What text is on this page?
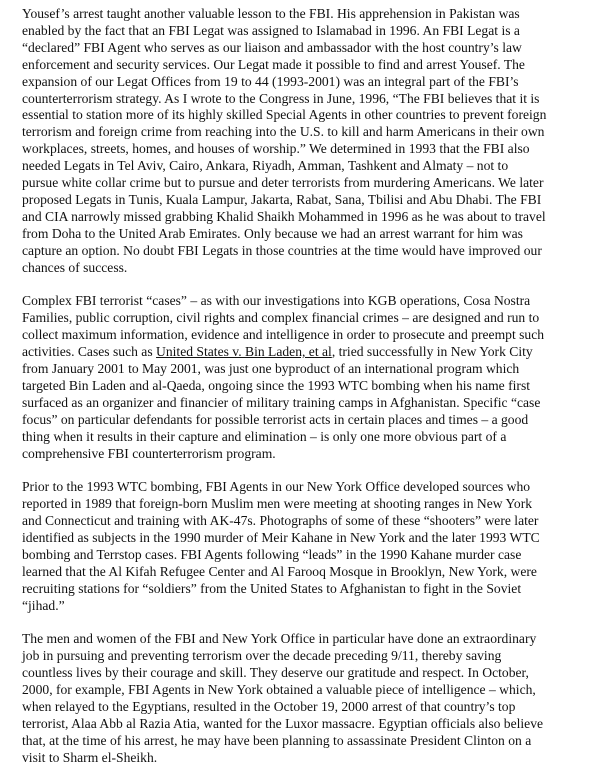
Yousef’s arrest taught another valuable lesson to the FBI. His apprehension in Pakistan was
enabled by the fact that an FBI Legat was assigned to Islamabad in 1996. An FBI Legat is a
“declared” FBI Agent who serves as our liaison and ambassador with the host country’s law
enforcement and security services. Our Legat made it possible to find and arrest Yousef. The
expansion of our Legat Offices from 19 to 44 (1993-2001) was an integral part of the FBI’s
counterterrorism strategy. As I wrote to the Congress in June, 1996, “The FBI believes that it is
essential to station more of its highly skilled Special Agents in other countries to prevent foreign
terrorism and foreign crime from reaching into the U.S. to kill and harm Americans in their own
workplaces, streets, homes, and houses of worship.” We determined in 1993 that the FBI also
needed Legats in Tel Aviv, Cairo, Ankara, Riyadh, Amman, Tashkent and Almaty – not to
pursue white collar crime but to pursue and deter terrorists from murdering Americans. We later
proposed Legats in Tunis, Kuala Lampur, Jakarta, Rabat, Sana, Tbilisi and Abu Dhabi. The FBI
and CIA narrowly missed grabbing Khalid Shaikh Mohammed in 1996 as he was about to travel
from Doha to the United Arab Emirates. Only because we had an arrest warrant for him was
capture an option. No doubt FBI Legats in those countries at the time would have improved our
chances of success.

Complex FBI terrorist “cases” – as with our investigations into KGB operations, Cosa Nostra
Families, public corruption, civil rights and complex financial crimes – are designed and run to
collect maximum information, evidence and intelligence in order to prosecute and preempt such
activities. Cases such as United States v. Bin Laden, et al, tried successfully in New York City
from January 2001 to May 2001, was just one byproduct of an international program which
targeted Bin Laden and al-Qaeda, ongoing since the 1993 WTC bombing when his name first
surfaced as an organizer and financier of military training camps in Afghanistan. Specific “case
focus” on particular defendants for possible terrorist acts in certain places and times – a good
thing when it results in their capture and elimination – is only one more obvious part of a
comprehensive FBI counterterrorism program.

Prior to the 1993 WTC bombing, FBI Agents in our New York Office developed sources who
reported in 1989 that foreign-born Muslim men were meeting at shooting ranges in New York
and Connecticut and training with AK-47s. Photographs of some of these “shooters” were later
identified as subjects in the 1990 murder of Meir Kahane in New York and the later 1993 WTC
bombing and Terrstop cases. FBI Agents following “leads” in the 1990 Kahane murder case
learned that the Al Kifah Refugee Center and Al Farooq Mosque in Brooklyn, New York, were
recruiting stations for “soldiers” from the United States to Afghanistan to fight in the Soviet
“jihad.”

The men and women of the FBI and New York Office in particular have done an extraordinary
job in pursuing and preventing terrorism over the decade preceding 9/11, thereby saving
countless lives by their courage and skill. They deserve our gratitude and respect. In October,
2000, for example, FBI Agents in New York obtained a valuable piece of intelligence – which,
when relayed to the Egyptians, resulted in the October 19, 2000 arrest of that country’s top
terrorist, Alaa Abb al Razia Atia, wanted for the Luxor massacre. Egyptian officials also believe
that, at the time of his arrest, he may have been planning to assassinate President Clinton on a
visit to Sharm el-Sheikh.
